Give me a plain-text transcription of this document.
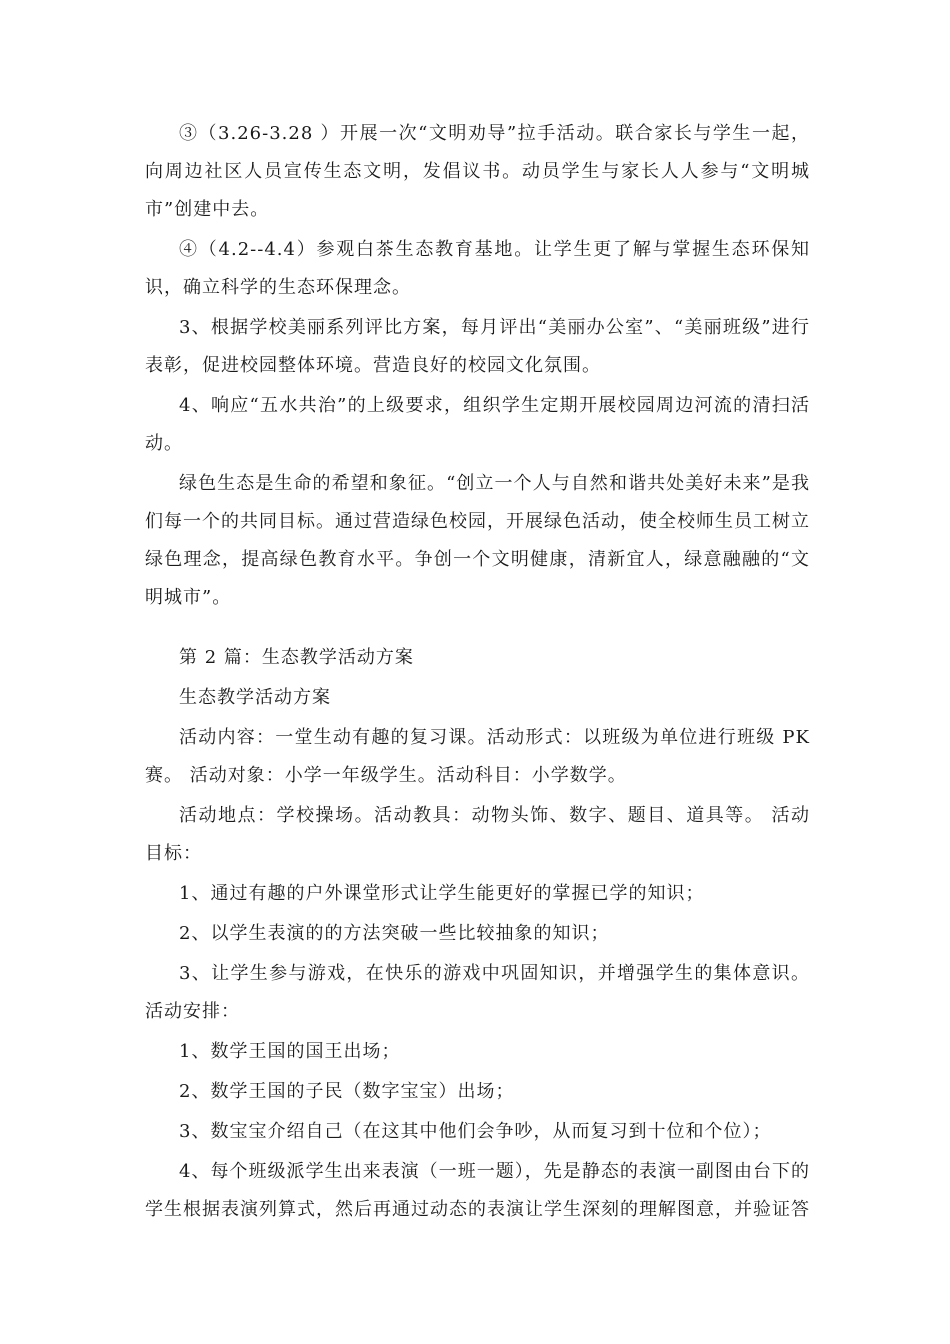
③（3.26-3.28 ）开展一次“文明劝导”拉手活动。联合家长与学生一起，向周边社区人员宣传生态文明，发倡议书。动员学生与家长人人参与“文明城市”创建中去。

④（4.2--4.4）参观白茶生态教育基地。让学生更了解与掌握生态环保知识，确立科学的生态环保理念。

3、根据学校美丽系列评比方案，每月评出“美丽办公室”、“美丽班级”进行表彰，促进校园整体环境。营造良好的校园文化氛围。

4、响应“五水共治”的上级要求，组织学生定期开展校园周边河流的清扫活动。

绿色生态是生命的希望和象征。“创立一个人与自然和谐共处美好未来”是我们每一个的共同目标。通过营造绿色校园，开展绿色活动，使全校师生员工树立绿色理念，提高绿色教育水平。争创一个文明健康，清新宜人，绿意融融的“文明城市”。

第 2 篇：生态教学活动方案

生态教学活动方案

活动内容：一堂生动有趣的复习课。活动形式：以班级为单位进行班级 PK 赛。 活动对象：小学一年级学生。活动科目：小学数学。

活动地点：学校操场。活动教具：动物头饰、数字、题目、道具等。 活动目标：

1、通过有趣的户外课堂形式让学生能更好的掌握已学的知识；

2、以学生表演的的方法突破一些比较抽象的知识；

3、让学生参与游戏，在快乐的游戏中巩固知识，并增强学生的集体意识。 活动安排：

1、数学王国的国王出场；

2、数学王国的子民（数字宝宝）出场；

3、数宝宝介绍自己（在这其中他们会争吵，从而复习到十位和个位）；

4、每个班级派学生出来表演（一班一题），先是静态的表演一副图由台下的学生根据表演列算式，然后再通过动态的表演让学生深刻的理解图意，并验证答
